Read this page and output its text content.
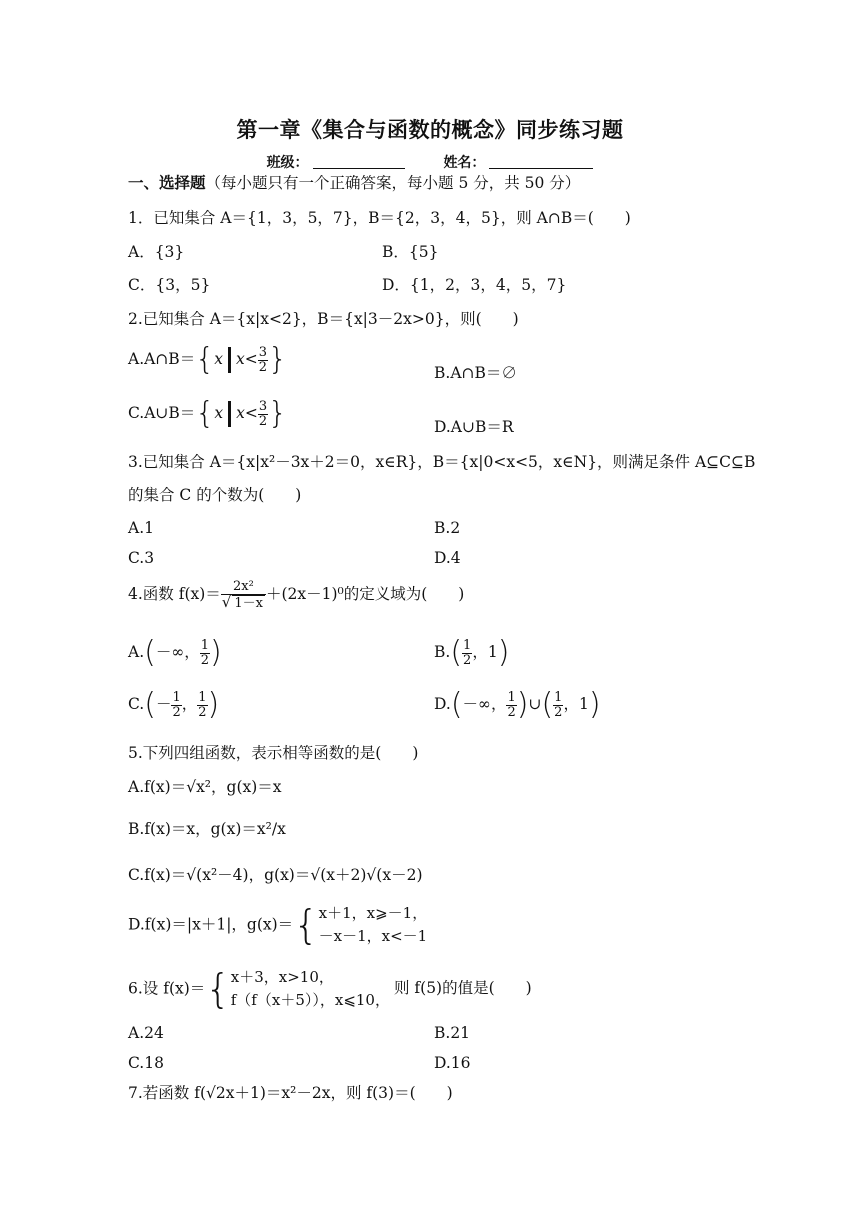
第一章《集合与函数的概念》同步练习题
班级：	姓名：
一、选择题（每小题只有一个正确答案，每小题 5 分，共 50 分）
1．已知集合 A＝{1，3，5，7}，B＝{2，3，4，5}，则 A∩B＝(　　)
A．{3}	B．{5}
C．{3，5}	D．{1，2，3，4，5，7}
2.已知集合 A＝{x|x<2}，B＝{x|3－2x>0}，则(　　)
A.A∩B＝{x $x< \frac{3}{2}$ }	B.A∩B＝∅
C.A∪B＝{x $x< \frac{3}{2}$ }	D.A∪B＝R
3.已知集合 A＝{x|x²－3x＋2＝0，x∈R}，B＝{x|0<x<5，x∈N}，则满足条件 A⊆C⊆B
的集合 C 的个数为(　　)
A.1	B.2
C.3	D.4
4.函数 $f(x)= \frac{\text{2x²}}{√ 1-x} +(2x-1)^0$的定义域为(　　)
A.(－∞， $\frac{1}{2}$ )	$B.( \frac{1}{2}$ ，1)
$C.(- \frac{1}{2}$ ， $\frac{1}{2}$ )	D.(－∞， $\frac{1}{2}$ )∪( $\frac{1}{2}$ ，1)
5.下列四组函数，表示相等函数的是(　　)
A.f(x)＝√x²，g(x)＝x
B.f(x)＝x，g(x)＝x²/x
C.f(x)＝√(x²－4)，g(x)＝√(x＋2)√(x－2)
D.f(x)＝|x＋1|，g(x)＝{ x＋1，x⩾－1，
－x－1，x<－1
6.设 f(x)＝{ x＋3，x>10，
f（f（x＋5）），x⩽10，
则 f(5)的值是(　　)
A.24	B.21
C.18	D.16
7.若函数 f(√2x＋1)＝x²－2x，则 f(3)＝(　　)
